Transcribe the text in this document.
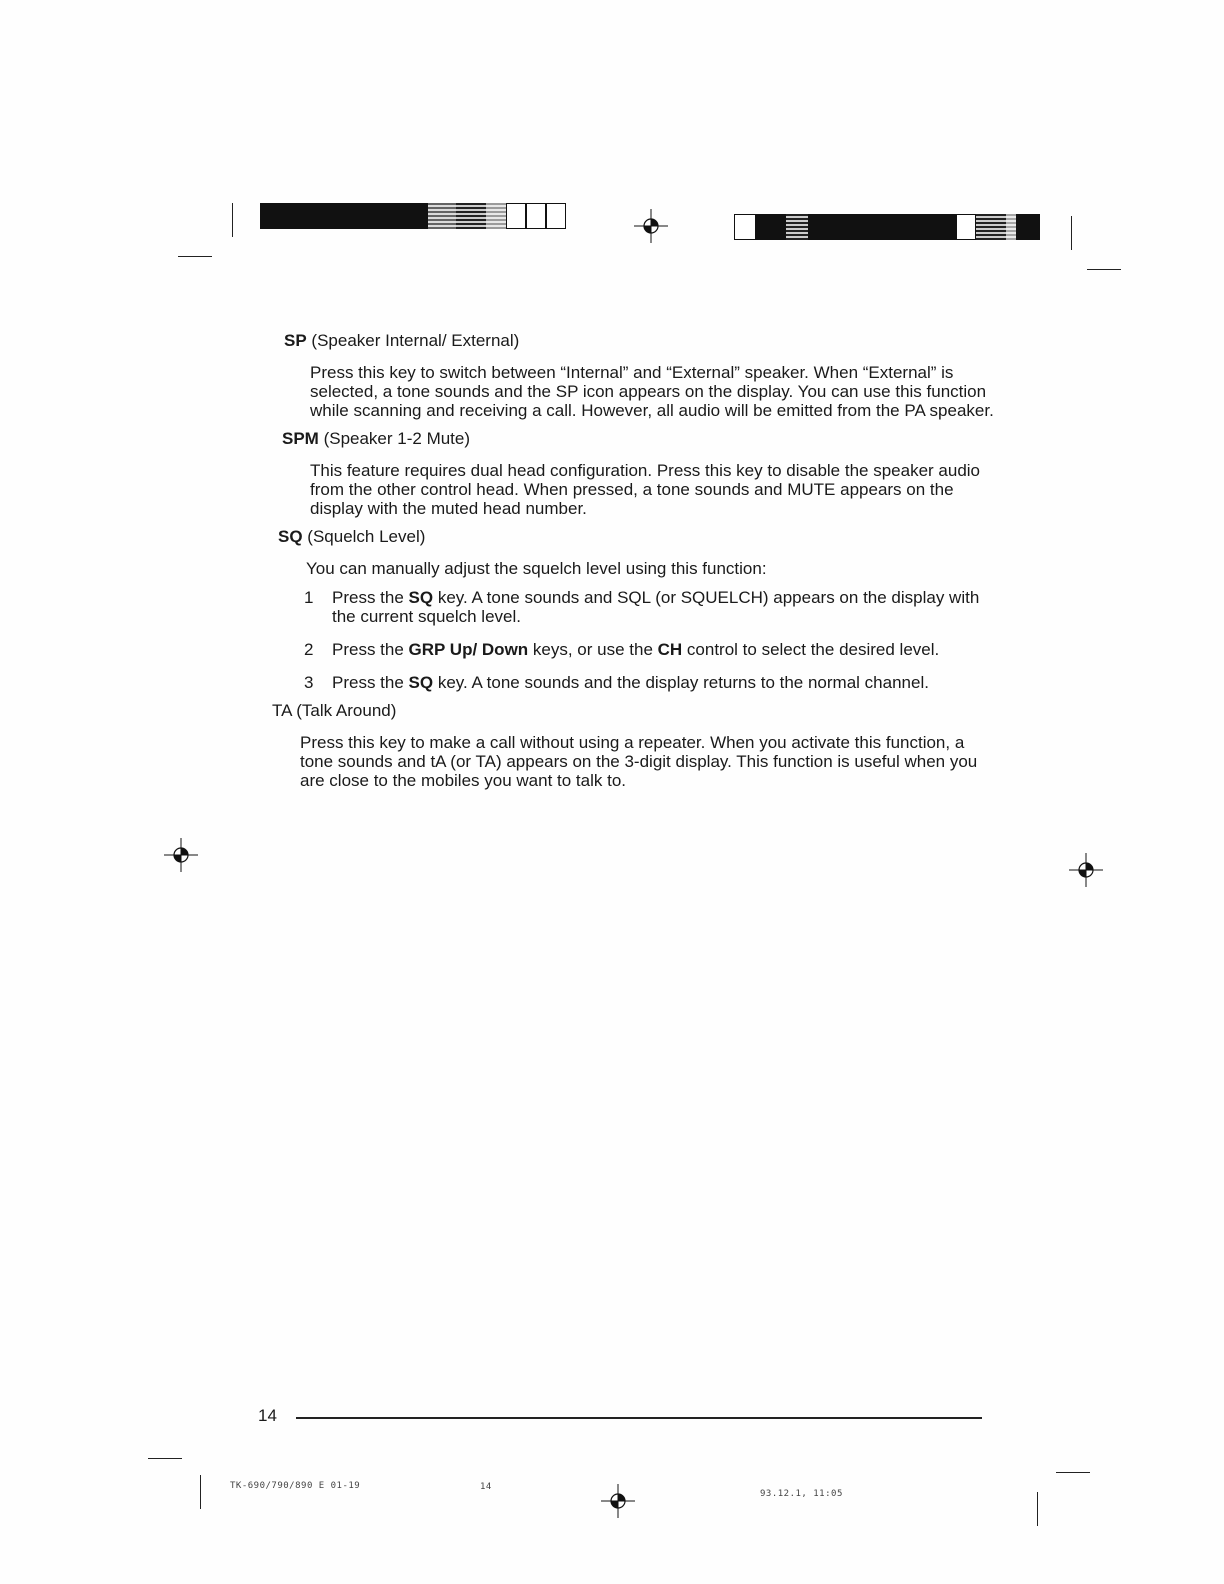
SP (Speaker Internal/ External)

Press this key to switch between “Internal” and “External” speaker. When “External” is selected, a tone sounds and the SP icon appears on the display. You can use this function while scanning and receiving a call. However, all audio will be emitted from the PA speaker.

SPM (Speaker 1-2 Mute)

This feature requires dual head configuration. Press this key to disable the speaker audio from the other control head. When pressed, a tone sounds and MUTE appears on the display with the muted head number.

SQ (Squelch Level)

You can manually adjust the squelch level using this function:

1	Press the SQ key. A tone sounds and SQL (or SQUELCH) appears on the display with the current squelch level.
2	Press the GRP Up/ Down keys, or use the CH control to select the desired level.
3	Press the SQ key. A tone sounds and the display returns to the normal channel.

TA (Talk Around)

Press this key to make a call without using a repeater. When you activate this function, a tone sounds and tA (or TA) appears on the 3-digit display. This function is useful when you are close to the mobiles you want to talk to.

14
TK-690/790/890 E 01-19	14
93.12.1, 11:05
